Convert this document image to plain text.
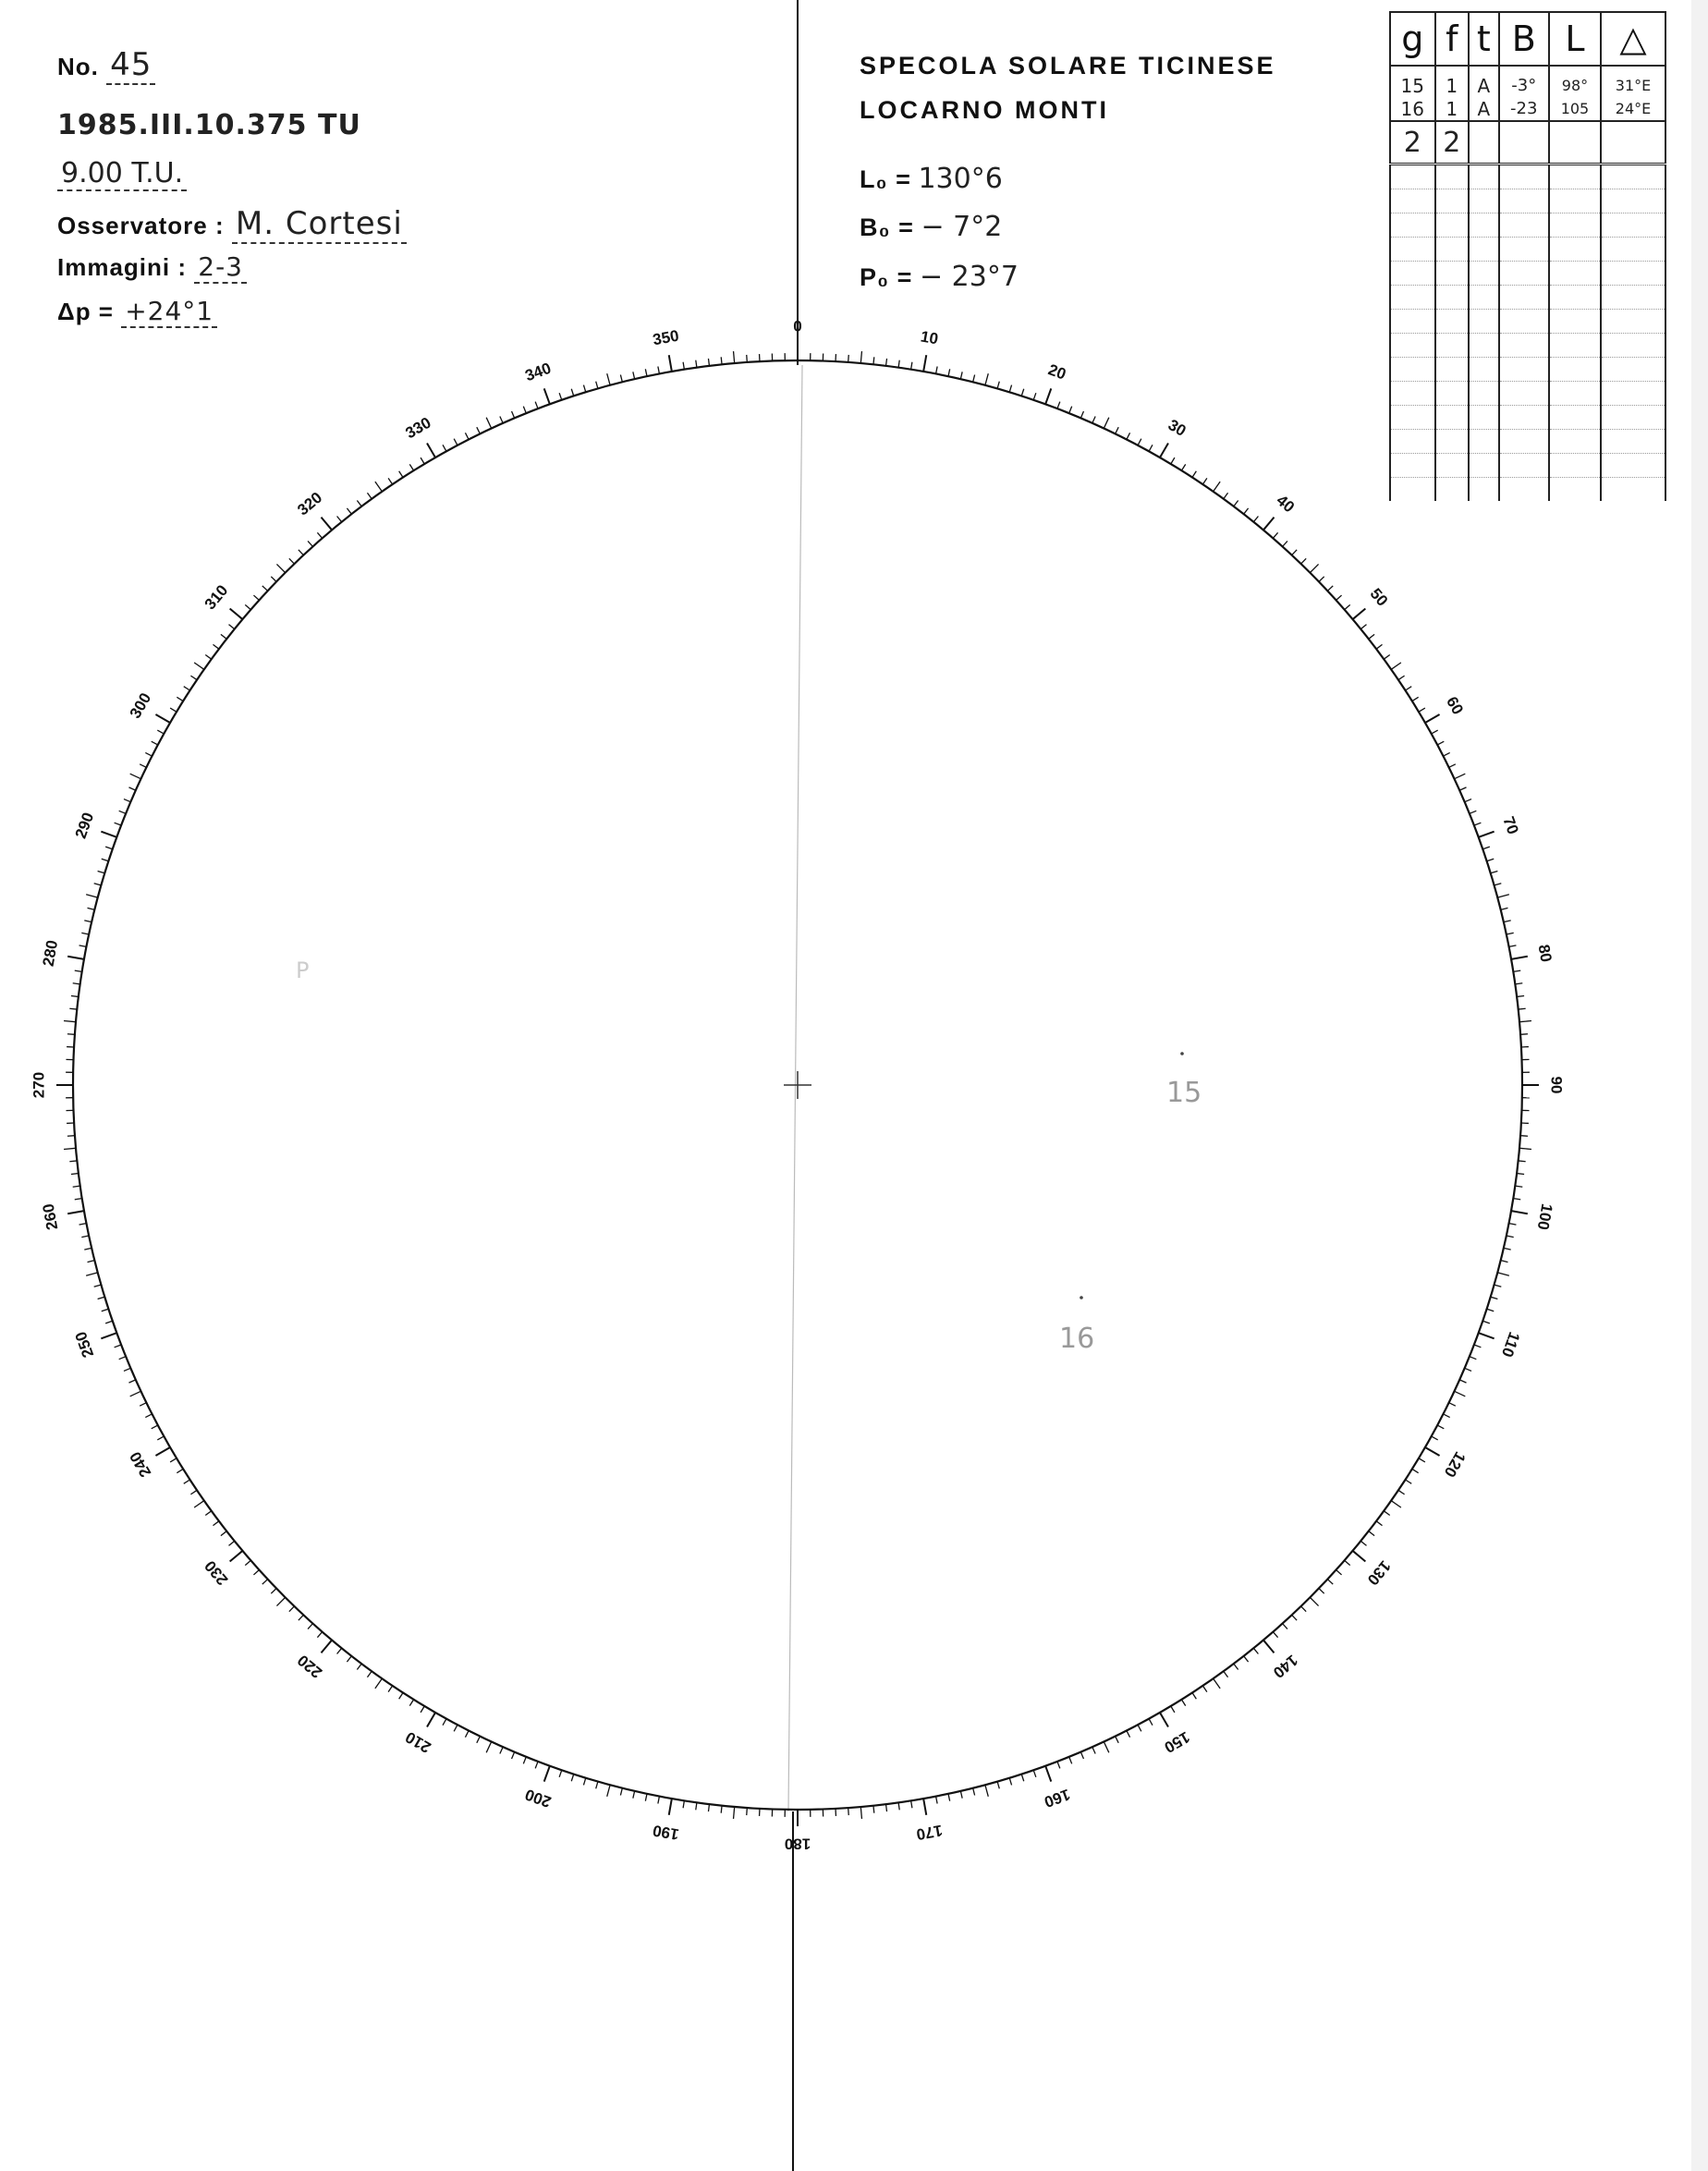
No. 45
1985.III.10.375 TU
9.00 T.U.
Osservatore : M. Cortesi
Immagini : 2-3
Δp = +24°1
SPECOLA SOLARE TICINESE
LOCARNO MONTI
L₀ = 130°6
B₀ = − 7°2
P₀ = − 23°7
g	f	t	B	L	△
15	1	A	-3°	98°	31°E
16	1	A	-23	105	24°E
2	2				

0
10
20
30
40
50
60
70
80
90
100
110
120
130
140
150
160
170
180
190
200
210
220
230
240
250
260
270
280
290
300
310
320
330
340
350
P
15
16
